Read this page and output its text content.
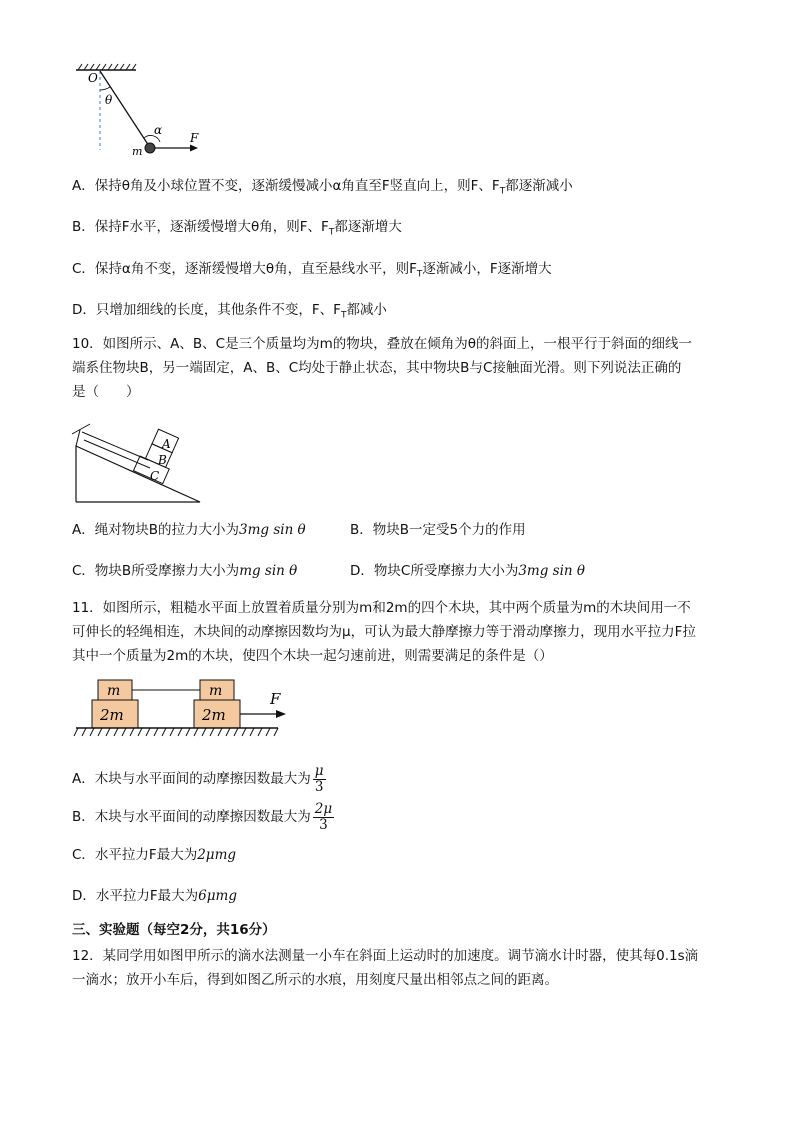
O
θ
α
F
m
A．保持θ角及小球位置不变，逐渐缓慢减小α角直至F竖直向上，则F、$F_T$都逐渐减小
B．保持F水平，逐渐缓慢增大θ角，则F、$F_T$都逐渐增大
C．保持α角不变，逐渐缓慢增大θ角，直至悬线水平，则$F_T$逐渐减小，F逐渐增大
D．只增加细线的长度，其他条件不变，F、$F_T$都减小
10．如图所示、A、B、C是三个质量均为m的物块，叠放在倾角为θ的斜面上，一根平行于斜面的细线一
端系住物块B，另一端固定，A、B、C均处于静止状态，其中物块B与C接触面光滑。则下列说法正确的
是（　　）
A
B
C
A．绳对物块B的拉力大小为3mg sin θ	B．物块B一定受5个力的作用
C．物块B所受摩擦力大小为mg sin θ	D．物块C所受摩擦力大小为3mg sin θ
11．如图所示，粗糙水平面上放置着质量分别为m和2m的四个木块，其中两个质量为m的木块间用一不
可伸长的轻绳相连，木块间的动摩擦因数均为μ，可认为最大静摩擦力等于滑动摩擦力，现用水平拉力F拉
其中一个质量为2m的木块，使四个木块一起匀速前进，则需要满足的条件是（）
m
2m
m
2m
F
A．木块与水平面间的动摩擦因数最大为 $\frac{\mu}{3}$
B．木块与水平面间的动摩擦因数最大为 $\frac{2\mu}{3}$
C．水平拉力F最大为2μmg
D．水平拉力F最大为6μmg
三、实验题（每空2分，共16分）
12．某同学用如图甲所示的滴水法测量一小车在斜面上运动时的加速度。调节滴水计时器，使其每0.1s滴
一滴水；放开小车后，得到如图乙所示的水痕，用刻度尺量出相邻点之间的距离。
